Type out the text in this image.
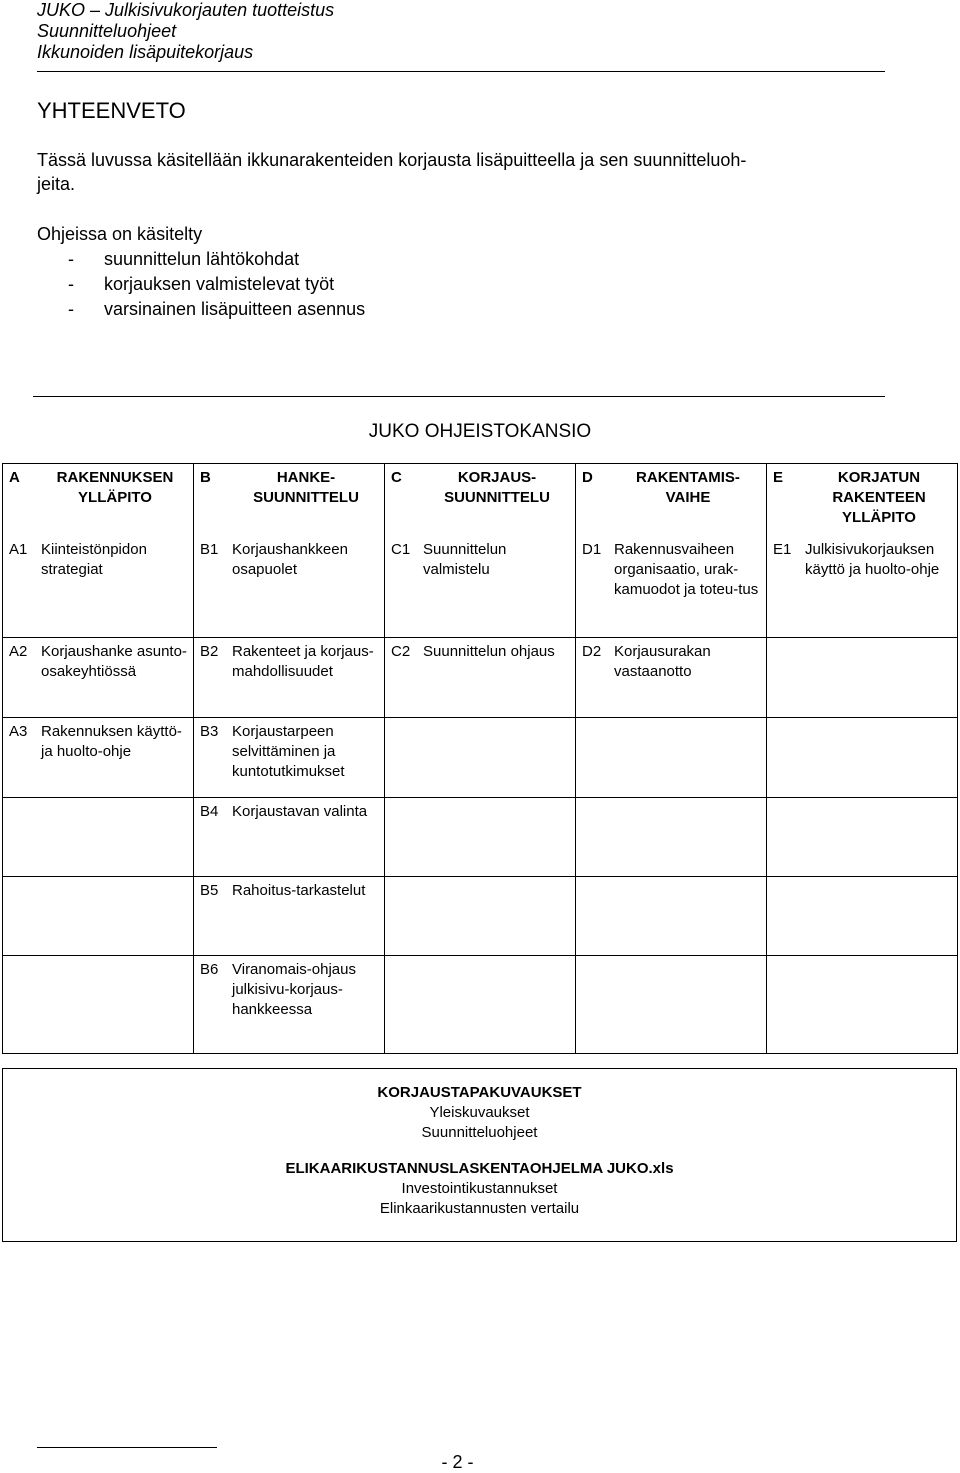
JUKO – Julkisivukorjauten tuotteistus
Suunnitteluohjeet
Ikkunoiden lisäpuitekorjaus
YHTEENVETO
Tässä luvussa käsitellään ikkunarakenteiden korjausta lisäpuitteella ja sen suunnitteluoh-
jeita.
Ohjeissa on käsitelty
- suunnittelun lähtökohdat
- korjauksen valmistelevat työt
- varsinainen lisäpuitteen asennus
JUKO OHJEISTOKANSIO
A RAKENNUKSEN YLLÄPITO	B HANKE-SUUNNITTELU	C KORJAUS-SUUNNITTELU	D RAKENTAMIS-VAIHE	E KORJATUN RAKENTEEN YLLÄPITO

A1 Kiinteistönpidon strategiat	B1 Korjaushankkeen osapuolet	C1 Suunnittelun valmistelu	D1 Rakennusvaiheen organisaatio, urak-kamuodot ja toteu-tus	E1 Julkisivukorjauksen käyttö ja huolto-ohje

A2 Korjaushanke asunto-osakeyhtiössä	B2 Rakenteet ja korjaus-mahdollisuudet	C2 Suunnittelun ohjaus	D2 Korjausurakan vastaanotto	

A3 Rakennuksen käyttö- ja huolto-ohje	B3 Korjaustarpeen selvittäminen ja kuntotutkimukset			

	B4 Korjaustavan valinta			

	B5 Rahoitus-tarkastelut			

	B6 Viranomais-ohjaus julkisivu-korjaus-hankkeessa			

KORJAUSTAPAKUVAUKSET
Yleiskuvaukset
Suunnitteluohjeet
ELIKAARIKUSTANNUSLASKENTAOHJELMA JUKO.xls
Investointikustannukset
Elinkaarikustannusten vertailu
- 2 -
